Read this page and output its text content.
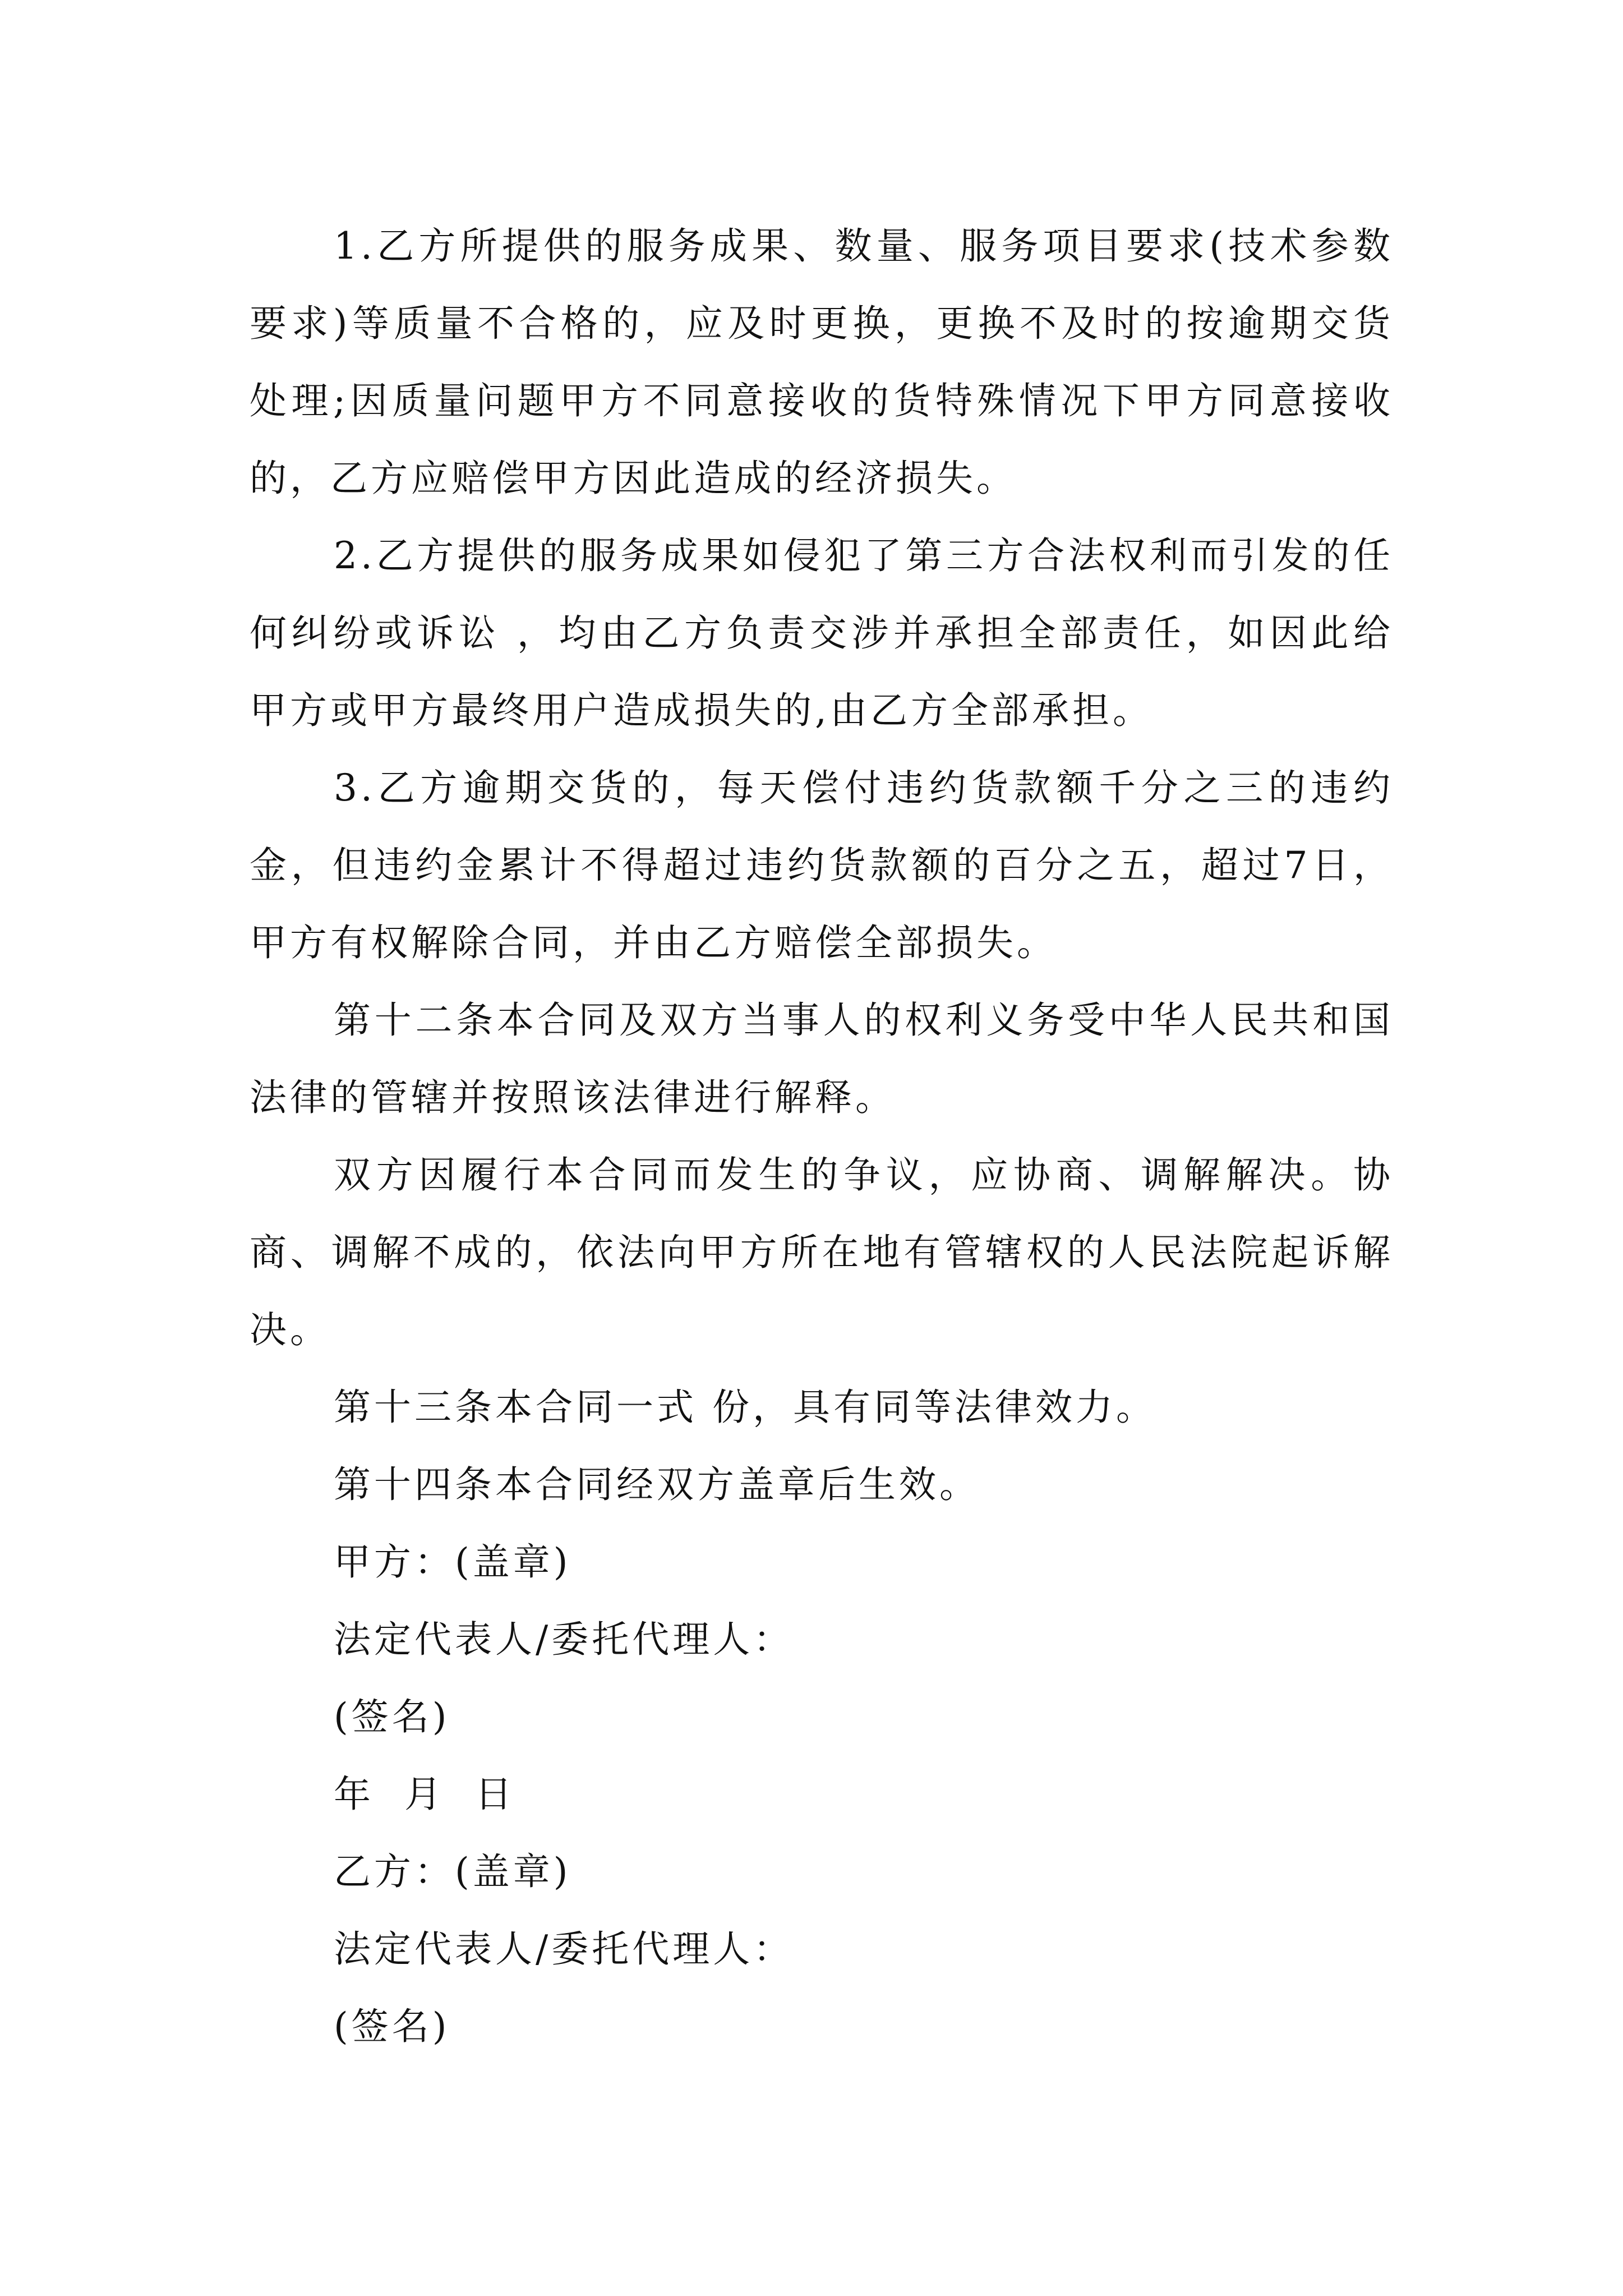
1.乙方所提供的服务成果、数量、服务项目要求(技术参数要求)等质量不合格的，应及时更换，更换不及时的按逾期交货处理;因质量问题甲方不同意接收的货特殊情况下甲方同意接收的，乙方应赔偿甲方因此造成的经济损失。

2.乙方提供的服务成果如侵犯了第三方合法权利而引发的任何纠纷或诉讼 ，均由乙方负责交涉并承担全部责任，如因此给甲方或甲方最终用户造成损失的,由乙方全部承担。

3.乙方逾期交货的，每天偿付违约货款额千分之三的违约金，但违约金累计不得超过违约货款额的百分之五，超过7日，甲方有权解除合同，并由乙方赔偿全部损失。

第十二条本合同及双方当事人的权利义务受中华人民共和国法律的管辖并按照该法律进行解释。

双方因履行本合同而发生的争议，应协商、调解解决。协商、调解不成的，依法向甲方所在地有管辖权的人民法院起诉解决。

第十三条本合同一式 份，具有同等法律效力。

第十四条本合同经双方盖章后生效。

甲方：(盖章)

法定代表人/委托代理人：

(签名)

年  月  日

乙方：(盖章)

法定代表人/委托代理人：

(签名)
